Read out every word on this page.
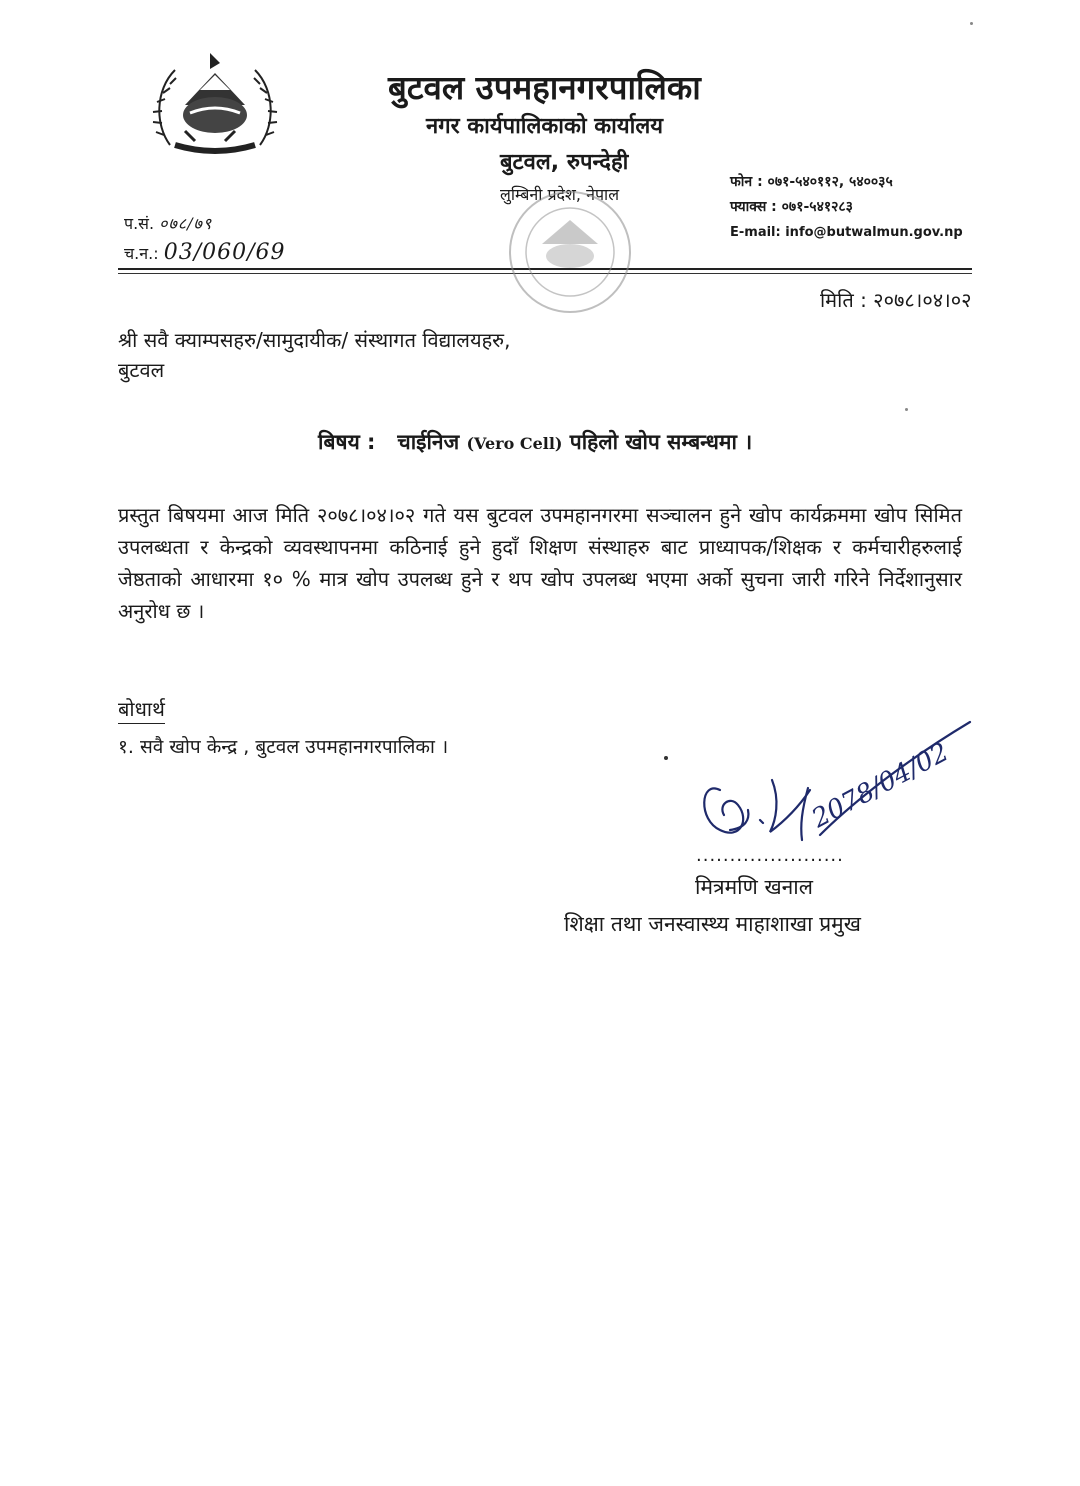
बुटवल उपमहानगरपालिका
नगर कार्यपालिकाको कार्यालय
बुटवल, रुपन्देही
लुम्बिनी प्रदेश, नेपाल
फोन : ०७१-५४०११२, ५४००३५
फ्याक्स : ०७१-५४१२८३
E-mail: info@butwalmun.gov.np
प.सं. ०७८/७९
च.न.: 03/060/69
मिति : २०७८।०४।०२
श्री सवै क्याम्पसहरु/सामुदायीक/ संस्थागत विद्यालयहरु,
बुटवल
बिषय : चाईनिज (Vero Cell) पहिलो खोप सम्बन्धमा ।
प्रस्तुत बिषयमा आज मिति २०७८।०४।०२ गते यस बुटवल उपमहानगरमा सञ्चालन हुने खोप कार्यक्रममा खोप सिमित उपलब्धता र केन्द्रको व्यवस्थापनमा कठिनाई हुने हुदाँ शिक्षण संस्थाहरु बाट प्राध्यापक/शिक्षक र कर्मचारीहरुलाई जेष्ठताको आधारमा १० % मात्र खोप उपलब्ध हुने र थप खोप उपलब्ध भएमा अर्को सुचना जारी गरिने निर्देशानुसार अनुरोध छ ।
बोधार्थ
१. सवै खोप केन्द्र , बुटवल उपमहानगरपालिका ।	2078/04/02
......................
मित्रमणि खनाल
शिक्षा तथा जनस्वास्थ्य माहाशाखा प्रमुख
